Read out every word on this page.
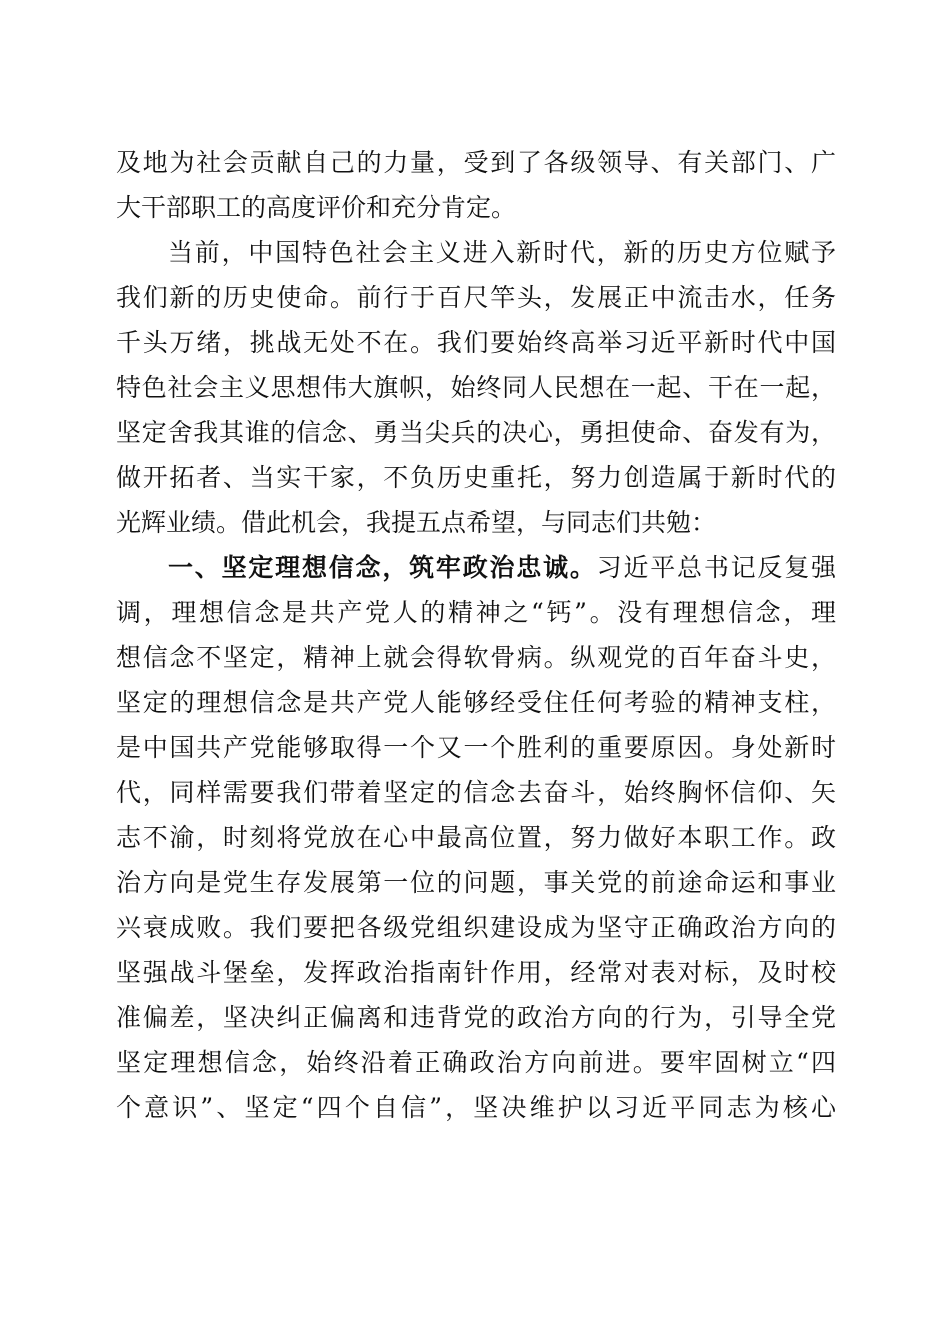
及地为社会贡献自己的力量，受到了各级领导、有关部门、广
大干部职工的高度评价和充分肯定。
当前，中国特色社会主义进入新时代，新的历史方位赋予
我们新的历史使命。前行于百尺竿头，发展正中流击水，任务
千头万绪，挑战无处不在。我们要始终高举习近平新时代中国
特色社会主义思想伟大旗帜，始终同人民想在一起、干在一起，
坚定舍我其谁的信念、勇当尖兵的决心，勇担使命、奋发有为，
做开拓者、当实干家，不负历史重托，努力创造属于新时代的
光辉业绩。借此机会，我提五点希望，与同志们共勉：
一、坚定理想信念，筑牢政治忠诚。习近平总书记反复强
调，理想信念是共产党人的精神之“钙”。没有理想信念，理
想信念不坚定，精神上就会得软骨病。纵观党的百年奋斗史，
坚定的理想信念是共产党人能够经受住任何考验的精神支柱，
是中国共产党能够取得一个又一个胜利的重要原因。身处新时
代，同样需要我们带着坚定的信念去奋斗，始终胸怀信仰、矢
志不渝，时刻将党放在心中最高位置，努力做好本职工作。政
治方向是党生存发展第一位的问题，事关党的前途命运和事业
兴衰成败。我们要把各级党组织建设成为坚守正确政治方向的
坚强战斗堡垒，发挥政治指南针作用，经常对表对标，及时校
准偏差，坚决纠正偏离和违背党的政治方向的行为，引导全党
坚定理想信念，始终沿着正确政治方向前进。要牢固树立“四
个意识”、坚定“四个自信”，坚决维护以习近平同志为核心
